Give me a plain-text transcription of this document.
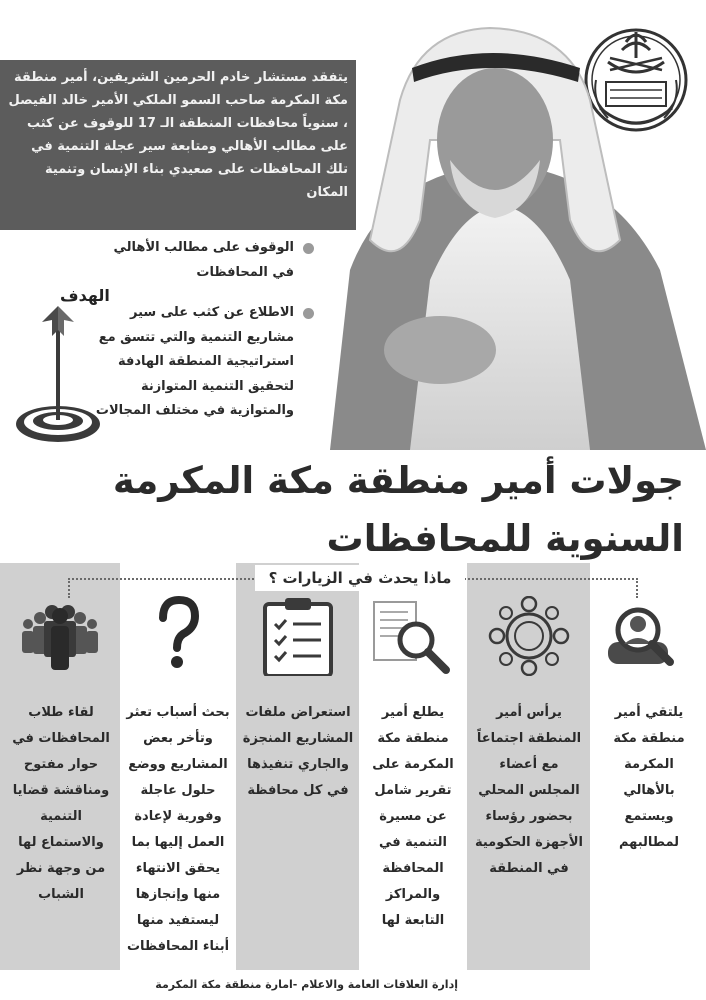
يتفقد مستشار خادم الحرمين الشريفين، أمير منطقة مكة المكرمة صاحب السمو الملكي الأمير خالد الفيصل ، سنوياً محافظات المنطقة الـ 17 للوقوف عن كثب على مطالب الأهالي ومتابعة سير عجلة التنمية في تلك المحافظات على صعيدي بناء الإنسان وتنمية المكان
الوقوف على مطالب الأهالي في المحافظات
الاطلاع عن كثب على سير مشاريع التنمية والتي تتسق مع استراتيجية المنطقة الهادفة لتحقيق التنمية المتوازنة والمتوازية في مختلف المجالات
الهدف
جولات أمير منطقة مكة المكرمة
السنوية للمحافظات
ماذا يحدث في الزيارات ؟
يلتقي أمير منطقة مكة المكرمة بالأهالي ويستمع لمطالبهم
يرأس أمير المنطقة اجتماعاً مع أعضاء المجلس المحلي بحضور رؤساء الأجهزة الحكومية في المنطقة
يطلع أمير منطقة مكة المكرمة على تقرير شامل عن مسيرة التنمية في المحافظة والمراكز التابعة لها
استعراض ملفات المشاريع المنجزة والجاري تنفيذها في كل محافظة
بحث أسباب تعثر وتأخر بعض المشاريع ووضع حلول عاجلة وفورية لإعادة العمل إليها بما يحقق الانتهاء منها وإنجازها ليستفيد منها أبناء المحافظات
لقاء طلاب المحافظات في حوار مفتوح ومناقشة قضايا التنمية والاستماع لها من وجهة نظر الشباب
إدارة العلاقات العامة والاعلام -امارة منطقة مكة المكرمة
